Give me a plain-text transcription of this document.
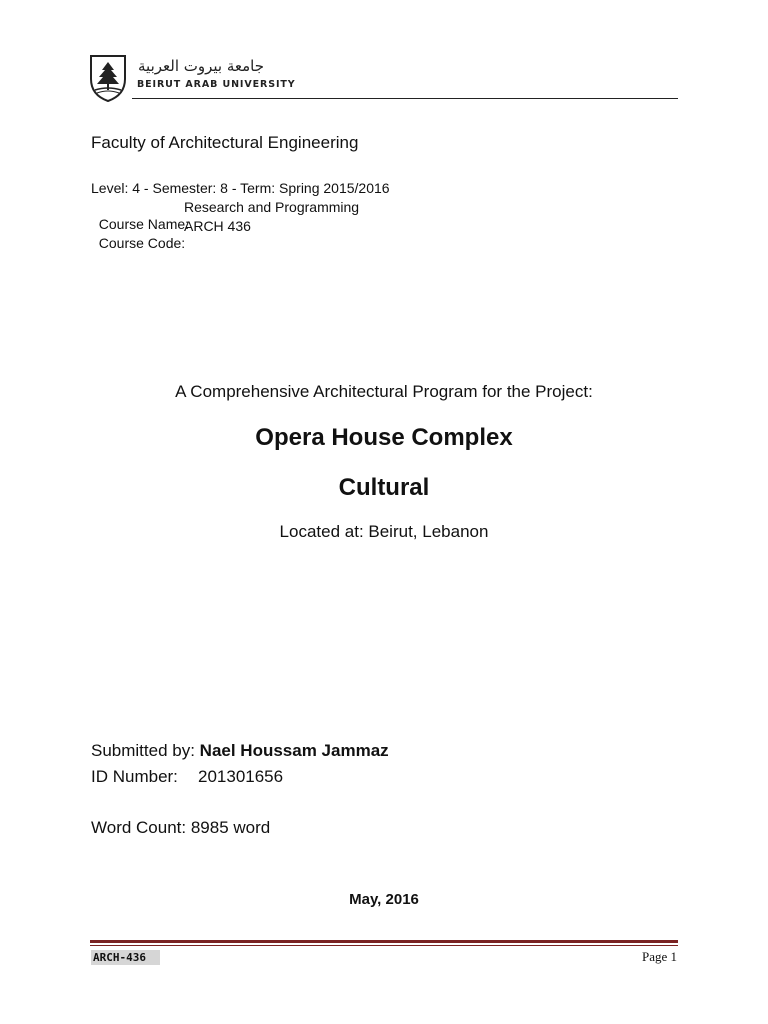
جامعة بيروت العربية
BEIRUT ARAB UNIVERSITY
Faculty of Architectural Engineering
Level: 4 - Semester: 8 - Term: Spring 2015/2016

Course Name:

Research and Programming

Course Code:

ARCH 436

A Comprehensive Architectural Program for the Project:
Opera House Complex
Cultural
Located at: Beirut, Lebanon
Submitted by: Nael Houssam Jammaz
ID Number: 201301656
Word Count: 8985 word
May, 2016
ARCH-436	Page 1
